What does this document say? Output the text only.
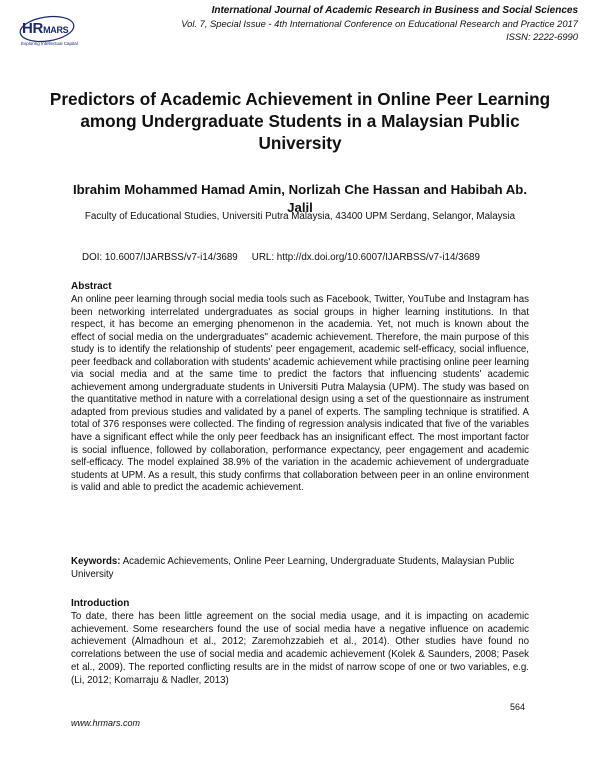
HRMARS
Exploring Intellectual Capital
International Journal of Academic Research in Business and Social Sciences
Vol. 7, Special Issue - 4th International Conference on Educational Research and Practice 2017
ISSN: 2222-6990
Predictors of Academic Achievement in Online Peer Learning among Undergraduate Students in a Malaysian Public University
Ibrahim Mohammed Hamad Amin, Norlizah Che Hassan and Habibah Ab. Jalil
Faculty of Educational Studies, Universiti Putra Malaysia, 43400 UPM Serdang, Selangor, Malaysia
DOI: 10.6007/IJARBSS/v7-i14/3689 URL: http://dx.doi.org/10.6007/IJARBSS/v7-i14/3689
Abstract
An online peer learning through social media tools such as Facebook, Twitter, YouTube and Instagram has been networking interrelated undergraduates as social groups in higher learning institutions. In that respect, it has become an emerging phenomenon in the academia. Yet, not much is known about the effect of social media on the undergraduates" academic achievement. Therefore, the main purpose of this study is to identify the relationship of students' peer engagement, academic self-efficacy, social influence, peer feedback and collaboration with students' academic achievement while practising online peer learning via social media and at the same time to predict the factors that influencing students' academic achievement among undergraduate students in Universiti Putra Malaysia (UPM). The study was based on the quantitative method in nature with a correlational design using a set of the questionnaire as instrument adapted from previous studies and validated by a panel of experts. The sampling technique is stratified. A total of 376 responses were collected. The finding of regression analysis indicated that five of the variables have a significant effect while the only peer feedback has an insignificant effect. The most important factor is social influence, followed by collaboration, performance expectancy, peer engagement and academic self-efficacy. The model explained 38.9% of the variation in the academic achievement of undergraduate students at UPM. As a result, this study confirms that collaboration between peer in an online environment is valid and able to predict the academic achievement.
Keywords: Academic Achievements, Online Peer Learning, Undergraduate Students, Malaysian Public University
Introduction
To date, there has been little agreement on the social media usage, and it is impacting on academic achievement. Some researchers found the use of social media have a negative influence on academic achievement (Almadhoun et al., 2012; Zaremohzzabieh et al., 2014). Other studies have found no correlations between the use of social media and academic achievement (Kolek & Saunders, 2008; Pasek et al., 2009). The reported conflicting results are in the midst of narrow scope of one or two variables, e.g. (Li, 2012; Komarraju & Nadler, 2013)
564
www.hrmars.com
